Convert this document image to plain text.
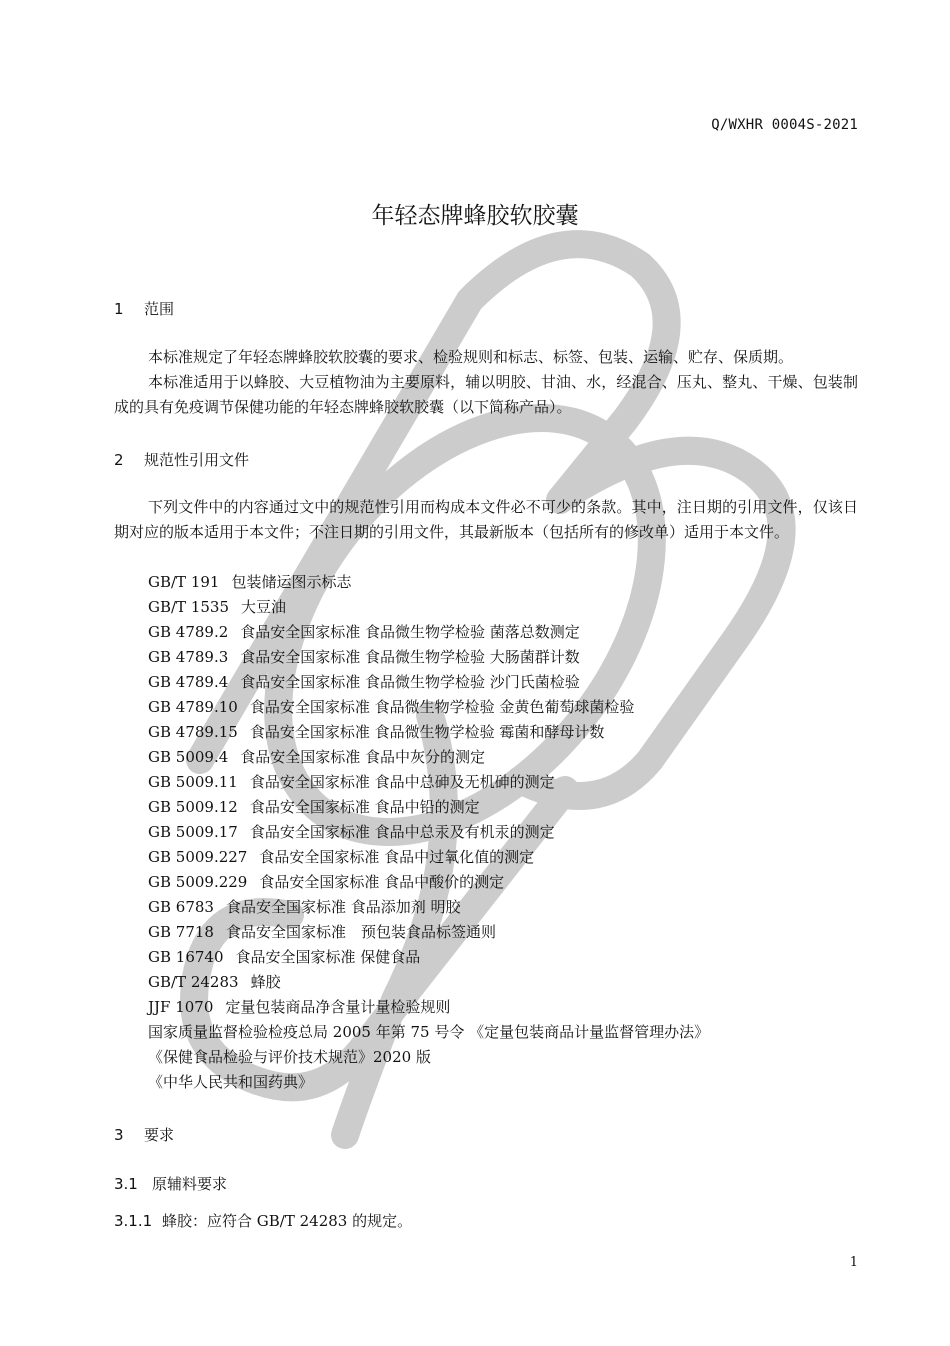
Q/WXHR 0004S-2021
年轻态牌蜂胶软胶囊
1 范围

本标准规定了年轻态牌蜂胶软胶囊的要求、检验规则和标志、标签、包装、运输、贮存、保质期。

本标准适用于以蜂胶、大豆植物油为主要原料，辅以明胶、甘油、水，经混合、压丸、整丸、干燥、包装制成的具有免疫调节保健功能的年轻态牌蜂胶软胶囊（以下简称产品）。

2 规范性引用文件

下列文件中的内容通过文中的规范性引用而构成本文件必不可少的条款。其中，注日期的引用文件，仅该日期对应的版本适用于本文件；不注日期的引用文件，其最新版本（包括所有的修改单）适用于本文件。

GB/T 191 包装储运图示标志
GB/T 1535 大豆油
GB 4789.2 食品安全国家标准 食品微生物学检验 菌落总数测定
GB 4789.3 食品安全国家标准 食品微生物学检验 大肠菌群计数
GB 4789.4 食品安全国家标准 食品微生物学检验 沙门氏菌检验
GB 4789.10 食品安全国家标准 食品微生物学检验 金黄色葡萄球菌检验
GB 4789.15 食品安全国家标准 食品微生物学检验 霉菌和酵母计数
GB 5009.4 食品安全国家标准 食品中灰分的测定
GB 5009.11 食品安全国家标准 食品中总砷及无机砷的测定
GB 5009.12 食品安全国家标准 食品中铅的测定
GB 5009.17 食品安全国家标准 食品中总汞及有机汞的测定
GB 5009.227 食品安全国家标准 食品中过氧化值的测定
GB 5009.229 食品安全国家标准 食品中酸价的测定
GB 6783 食品安全国家标准 食品添加剂 明胶
GB 7718 食品安全国家标准　预包装食品标签通则
GB 16740 食品安全国家标准 保健食品
GB/T 24283 蜂胶
JJF 1070 定量包装商品净含量计量检验规则
国家质量监督检验检疫总局 2005 年第 75 号令 《定量包装商品计量监督管理办法》
《保健食品检验与评价技术规范》2020 版
《中华人民共和国药典》
3 要求
3.1 原辅料要求
3.1.1 蜂胶：应符合 GB/T 24283 的规定。
1
